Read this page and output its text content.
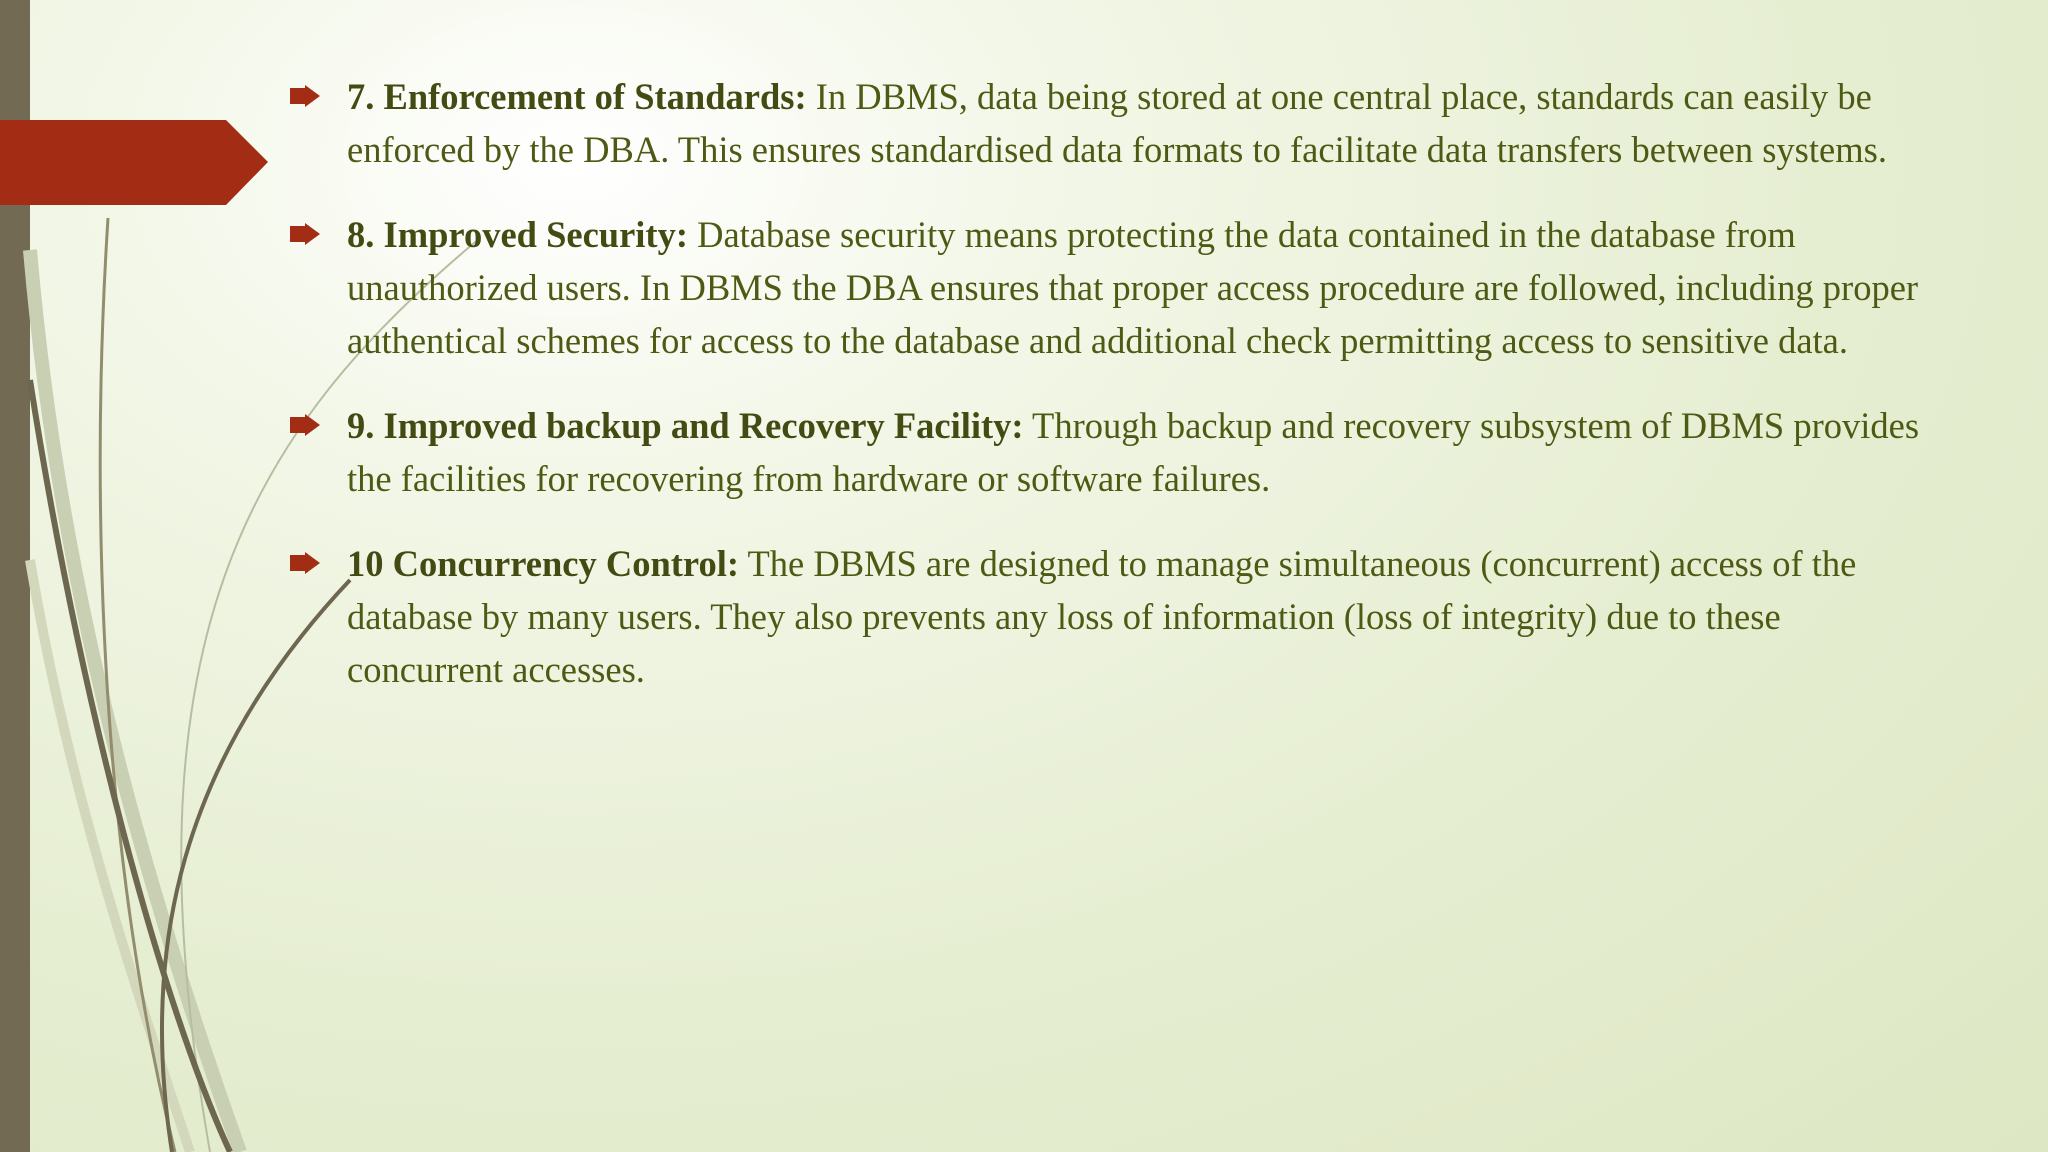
7. Enforcement of Standards: In DBMS, data being stored at one central place, standards can easily be enforced by the DBA. This ensures standardised data formats to facilitate data transfers between systems.
8. Improved Security: Database security means protecting the data contained in the database from unauthorized users. In DBMS the DBA ensures that proper access procedure are followed, including proper authentical schemes for access to the database and additional check permitting access to sensitive data.
9. Improved backup and Recovery Facility: Through backup and recovery subsystem of DBMS provides the facilities for recovering from hardware or software failures.
10 Concurrency Control: The DBMS are designed to manage simultaneous (concurrent) access of the database by many users. They also prevents any loss of information (loss of integrity) due to these concurrent accesses.
